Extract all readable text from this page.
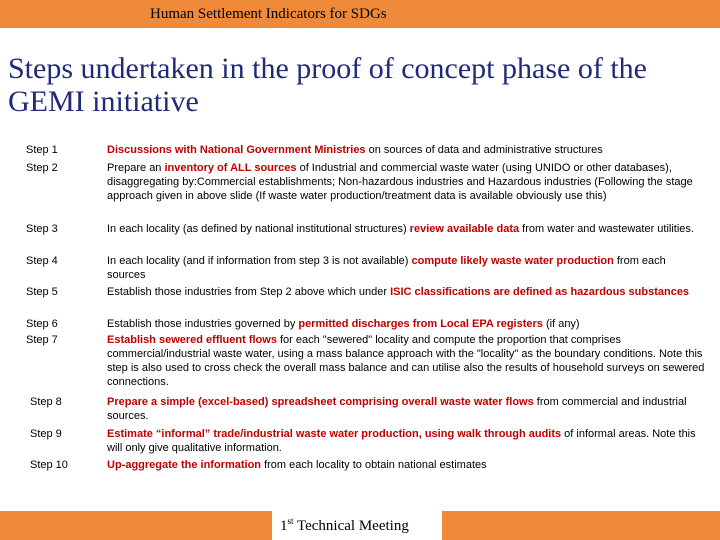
Human Settlement Indicators for SDGs
Steps undertaken in the proof of concept phase of the GEMI initiative
Step 1	Discussions with National Government Ministries on sources of data and administrative structures
Step 2	Prepare an inventory of ALL sources of Industrial and commercial waste water (using UNIDO or other databases), disaggregating by:Commercial establishments; Non-hazardous industries and Hazardous industries (Following the stage approach given in above slide (If waste water production/treatment data is available obviously use this)
Step 3	In each locality (as defined by national institutional structures) review available data from water and wastewater utilities.
Step 4	In each locality (and if information from step 3 is not available) compute likely waste water production from each sources
Step 5	Establish those industries from Step 2 above which under ISIC classifications are defined as hazardous substances
Step 6	Establish those industries governed by permitted discharges from Local EPA registers (if any)
Step 7	Establish sewered effluent flows for each "sewered" locality and compute the proportion that comprises commercial/industrial waste water, using a mass balance approach with the "locality" as the boundary conditions. Note this step is also used to cross check the overall mass balance and can utilise also the results of household surveys on sewered connections.
Step 8	Prepare a simple (excel-based) spreadsheet comprising overall waste water flows from commercial and industrial sources.
Step 9	Estimate “informal” trade/industrial waste water production, using walk through audits of informal areas. Note this will only give qualitative information.
Step 10	Up-aggregate the information from each locality to obtain national estimates
1st Technical Meeting
